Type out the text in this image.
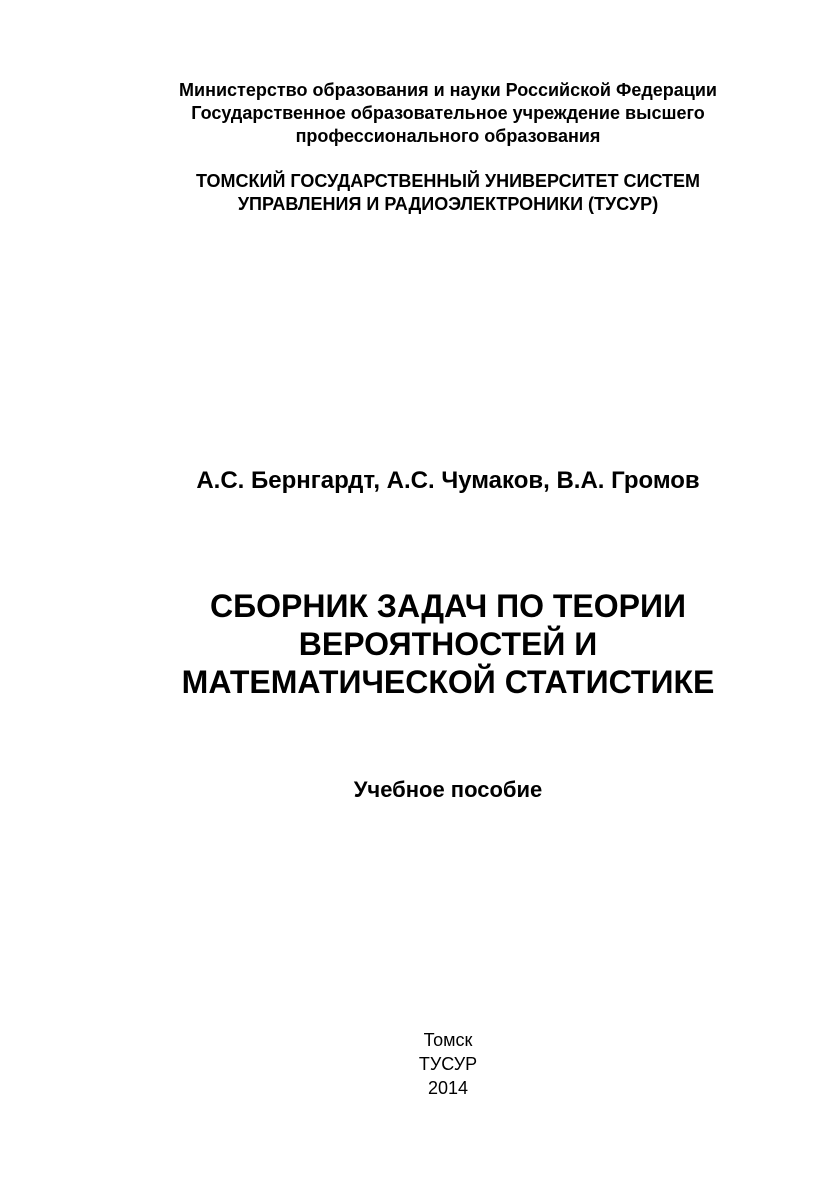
Министерство образования и науки Российской Федерации
Государственное образовательное учреждение высшего
профессионального образования
ТОМСКИЙ ГОСУДАРСТВЕННЫЙ УНИВЕРСИТЕТ СИСТЕМ
УПРАВЛЕНИЯ И РАДИОЭЛЕКТРОНИКИ (ТУСУР)
А.С. Бернгардт, А.С. Чумаков, В.А. Громов
СБОРНИК ЗАДАЧ ПО ТЕОРИИ
ВЕРОЯТНОСТЕЙ И
МАТЕМАТИЧЕСКОЙ СТАТИСТИКЕ
Учебное пособие
Томск
ТУСУР
2014
